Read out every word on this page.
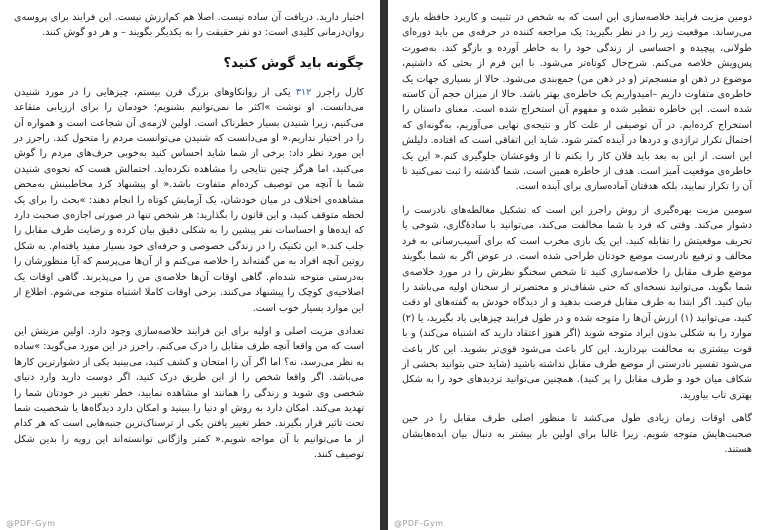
اختیار دارید. دریافت آن ساده نیست. اصلا هم کم‌ارزش نیست. این فرایند برای پروسه‌ی روان‌درمانی کلیدی است: دو نفر حقیقت را به یکدیگر بگویند – و هر دو گوش کنند.

چگونه باید گوش کنید؟

کارل راجرز ۳۱۲ یکی از روانکاوهای بزرگ قرن بیستم، چیزهایی را در مورد شنیدن می‌دانست. او نوشت »اکثر ما نمی‌توانیم بشنویم؛ خودمان را برای ارزیابی متقاعد می‌کنیم، زیرا شنیدن بسیار خطرناک است. اولین لازمه‌ی آن شجاعت است و همواره آن را در اختیار نداریم.« او می‌دانست که شنیدن می‌توانست مردم را متحول کند. راجرز در این مورد نظر داد: برخی از شما شاید احساس کنید به‌خوبی حرف‌های مردم را گوش می‌کنید، اما هرگز چنین نتایجی را مشاهده نکرده‌اید. احتمالش هست که نحوه‌ی شنیدن شما با آنچه من توصیف کرده‌ام متفاوت باشد.« او پیشنهاد کرد مخاطبینش به‌محض مشاهده‌ی اختلاف در میان خودشان، یک آزمایش کوتاه را انجام دهند: »بحث را برای یک لحظه متوقف کنید، و این قانون را بگذارید: هر شخص تنها در صورتی اجازه‌ی صحبت دارد که ایده‌ها و احساسات نفر پیشین را به شکلی دقیق بیان کرده و رضایت طرف مقابل را جلب کند.« این تکنیک را در زندگی خصوصی و حرفه‌ای خود بسیار مفید یافته‌ام. به شکل روتین آنچه افراد به من گفته‌اند را خلاصه می‌کنم و از آن‌ها می‌پرسم که آیا منظورشان را به‌درستی متوجه شده‌ام. گاهی اوقات آن‌ها خلاصه‌ی من را می‌پذیرند. گاهی اوقات یک اصلاحیه‌ی کوچک را پیشنهاد می‌کنند. برخی اوقات کاملا اشتباه متوجه می‌شوم. اطلاع از این موارد بسیار خوب است.

تعدادی مزیت اصلی و اولیه برای این فرایند خلاصه‌سازی وجود دارد. اولین مزیتش این است که من واقعا آنچه طرف مقابل را درک می‌کنم. راجرز در این مورد می‌گوید: »ساده به نظر می‌رسد، نه؟ اما اگر آن را امتحان و کشف کنید، می‌بینید یکی از دشوارترین کارها می‌باشد. اگر واقعا شخص را از این طریق درک کنید، اگر دوست دارید وارد دنیای شخصی وی شوید و زندگی را همانند او مشاهده نمایید، خطر تغییر در خودتان شما را تهدید می‌کند. امکان دارد به روش او دنیا را ببینید و امکان دارد دیدگاه‌ها یا شخصیت شما تحت تاثیر قرار بگیرند. خطر تغییر یافتن یکی از ترسناک‌ترین جنبه‌هایی است که هر کدام از ما می‌توانیم با آن مواجه شویم.« کمتر واژگانی توانسته‌اند این رویه را بدین شکل توصیف کنند.

@PDF-Gym

دومین مزیت فرایند خلاصه‌سازی این است که به شخص در تثبیت و کاربرد حافظه یاری می‌رساند. موقعیت زیر را در نظر بگیرید: یک مراجعه کننده در حرفه‌ی من باید دوره‌ای طولانی، پیچیده و احساسی از زندگی خود را به خاطر آورده و بازگو کند. به‌صورت پس‌ویش خلاصه می‌کنم. شرح‌حال کوتاه‌تر می‌شود. با این فرم از بحثی که داشتیم، موضوع در ذهن او منسجم‌تر (و در ذهن من) جمع‌بندی می‌شود. حالا از بسیاری جهات یک خاطره‌ی متفاوت داریم –امیدواریم یک خاطره‌ی بهتر باشد. حالا از میزان حجم آن کاسته شده است. این خاطره تقطیر شده و مفهوم آن استخراج شده است. معنای داستان را استخراج کرده‌ایم. در آن توصیفی از علت کار و نتیجه‌ی نهایی می‌آوریم، به‌گونه‌ای که احتمال تکرار تراژدی و دردها در آینده کمتر شود. شاید این اتفاقی است که افتاده. دلیلش این است. از این به بعد باید فلان کار را بکنم تا از وقوعشان جلوگیری کنم.« این یک خاطره‌ی موقعیت آمیز است. هدف از خاطره همین است. شما گذشته را ثبت نمی‌کنید تا آن را تکرار نمایید، بلکه هدفتان آماده‌سازی برای آینده است.

سومین مزیت بهره‌گیری از روش راجرز این است که تشکیل مغالطه‌های نادرست را دشوار می‌کند. وقتی که فرد با شما مخالفت می‌کند، می‌توانید با سادهٔ‌گاری، شوخی یا تحریف موقعیتش را تقابله کنید. این یک بازی مخرب است که برای آسیب‌رسانی به فرد مخالف و ترفیع نادرست موضع خودتان طراحی شده است. در عوض اگر به شما بگویند موضع طرف مقابل را خلاصه‌سازی کنید تا شخص سخنگو نظرش را در مورد خلاصه‌ی شما بگوید، می‌توانید نسخه‌ای که حتی شفاف‌تر و مختصرتر از سخنان اولیه می‌باشد را بیان کنید. اگر ابتدا به طرف مقابل فرصت بدهید و از دیدگاه خودش به گفته‌های او دقت کنید، می‌توانید (۱) ارزش آن‌ها را متوجه شده و در طول فرایند چیزهایی یاد بگیرید، یا (۲) موارد را به شکلی بدون ایراد متوجه شوید (اگر هنوز اعتقاد دارید که اشتباه می‌کند) و با قوت بیشتری به مخالفت بپردازید. این کار باعث می‌شود قوی‌تر بشوید. این کار باعث می‌شود تفسیر نادرستی از موضع طرف مقابل نداشته باشید (شاید حتی بتوانید بخشی از شکاف میان خود و طرف مقابل را پر کنید). همچنین می‌توانید تردیدهای خود را به شکل بهتری تاب بیاورید.

گاهی اوقات زمان زیادی طول می‌کشد تا منظور اصلی طرف مقابل را در حین صحبت‌هایش متوجه شویم. زیرا غالبا برای اولین بار بیشتر به دنبال بیان ایده‌هایشان هستند.

@PDF-Gym
